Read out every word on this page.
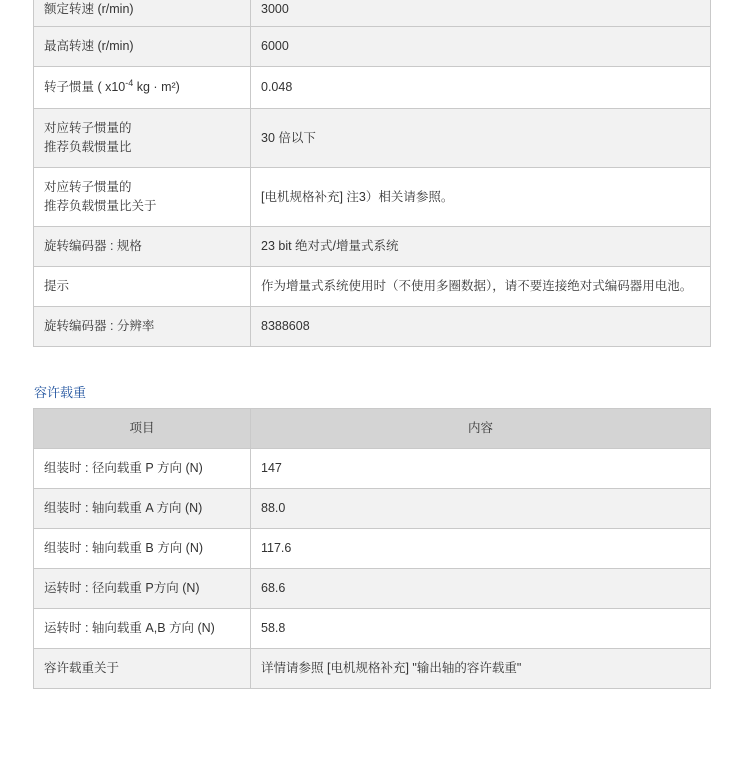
额定转速 (r/min)	3000
最高转速 (r/min)	6000
转子惯量 ( $x10^{-4}$ kg · m²)	0.048
对应转子惯量的
推荐负载惯量比	30 倍以下
对应转子惯量的
推荐负载惯量比关于	[电机规格补充] 注3）相关请参照。
旋转编码器 : 规格	23 bit 绝对式/增量式系统
提示	作为增量式系统使用时（不使用多圈数据），请不要连接绝对式编码器用电池。
旋转编码器 : 分辨率	8388608
容许载重
项目	内容
组装时 : 径向载重 P 方向 (N)	147
组装时 : 轴向载重 A 方向 (N)	88.0
组装时 : 轴向载重 B 方向 (N)	117.6
运转时 : 径向载重 P方向 (N)	68.6
运转时 : 轴向载重 A,B 方向 (N)	58.8
容许载重关于	详情请参照 [电机规格补充] "输出轴的容许载重"
